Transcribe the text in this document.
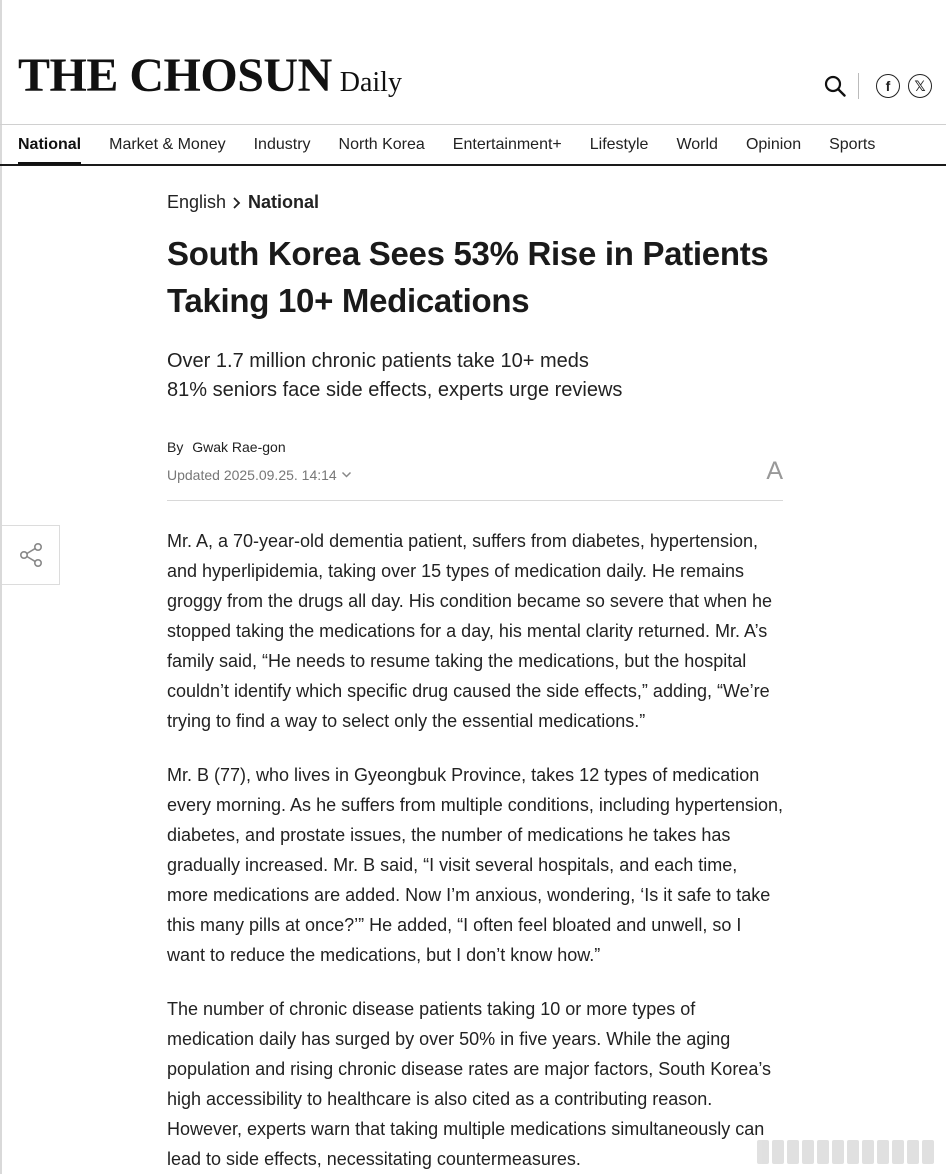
THE CHOSUN Daily	f 𝕏
National Market & Money Industry North Korea Entertainment+ Lifestyle World Opinion Sports
English National
South Korea Sees 53% Rise in Patients Taking 10+ Medications
Over 1.7 million chronic patients take 10+ meds
81% seniors face side effects, experts urge reviews
By Gwak Rae-gon
Updated 2025.09.25. 14:14	A

Mr. A, a 70-year-old dementia patient, suffers from diabetes, hypertension, and hyperlipidemia, taking over 15 types of medication daily. He remains groggy from the drugs all day. His condition became so severe that when he stopped taking the medications for a day, his mental clarity returned. Mr. A’s family said, “He needs to resume taking the medications, but the hospital couldn’t identify which specific drug caused the side effects,” adding, “We’re trying to find a way to select only the essential medications.”

Mr. B (77), who lives in Gyeongbuk Province, takes 12 types of medication every morning. As he suffers from multiple conditions, including hypertension, diabetes, and prostate issues, the number of medications he takes has gradually increased. Mr. B said, “I visit several hospitals, and each time, more medications are added. Now I’m anxious, wondering, ‘Is it safe to take this many pills at once?’” He added, “I often feel bloated and unwell, so I want to reduce the medications, but I don’t know how.”

The number of chronic disease patients taking 10 or more types of medication daily has surged by over 50% in five years. While the aging population and rising chronic disease rates are major factors, South Korea’s high accessibility to healthcare is also cited as a contributing reason. However, experts warn that taking multiple medications simultaneously can lead to side effects, necessitating countermeasures.
